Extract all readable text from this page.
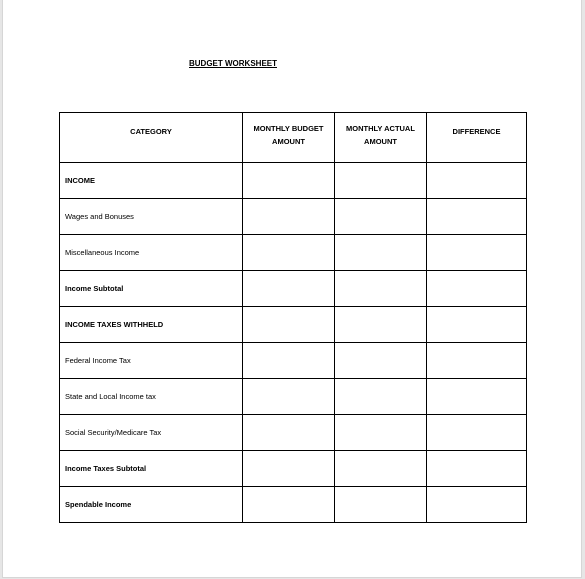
BUDGET WORKSHEET
CATEGORY	MONTHLY BUDGET AMOUNT	MONTHLY ACTUAL AMOUNT	DIFFERENCE

INCOME			
Wages and Bonuses			
Miscellaneous Income			
Income Subtotal			
INCOME TAXES WITHHELD			
Federal Income Tax			
State and Local Income tax			
Social Security/Medicare Tax			
Income Taxes Subtotal			
Spendable Income			
